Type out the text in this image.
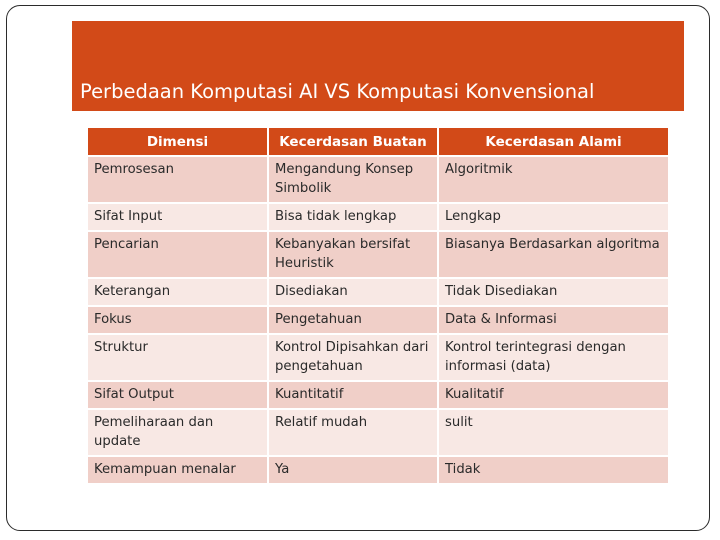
Perbedaan Komputasi AI VS Komputasi Konvensional
Dimensi	Kecerdasan Buatan	Kecerdasan Alami
Pemrosesan	Mengandung Konsep Simbolik	Algoritmik
Sifat Input	Bisa tidak lengkap	Lengkap
Pencarian	Kebanyakan bersifat Heuristik	Biasanya Berdasarkan algoritma
Keterangan	Disediakan	Tidak Disediakan
Fokus	Pengetahuan	Data & Informasi
Struktur	Kontrol Dipisahkan dari pengetahuan	Kontrol terintegrasi dengan informasi (data)
Sifat Output	Kuantitatif	Kualitatif
Pemeliharaan dan update	Relatif mudah	sulit
Kemampuan menalar	Ya	Tidak
